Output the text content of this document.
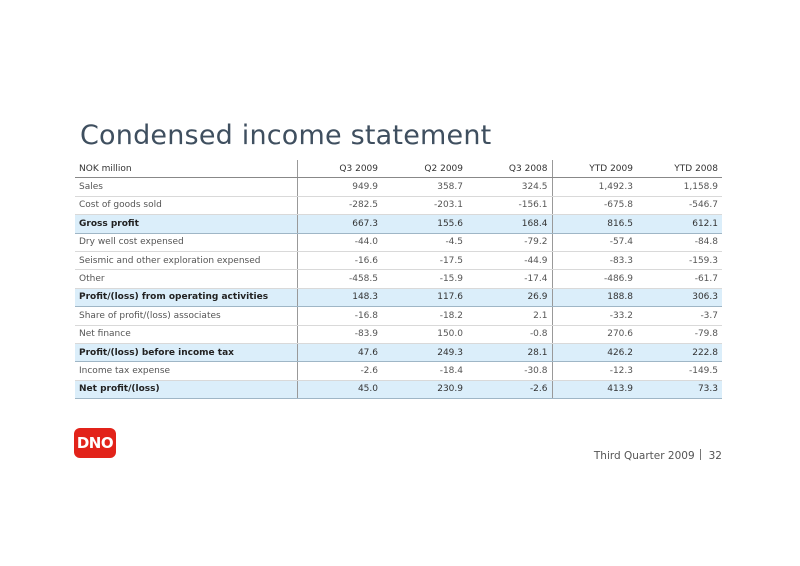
Condensed income statement
NOK million	Q3 2009	Q2 2009	Q3 2008	YTD 2009	YTD 2008
Sales	949.9	358.7	324.5	1,492.3	1,158.9
Cost of goods sold	-282.5	-203.1	-156.1	-675.8	-546.7
Gross profit	667.3	155.6	168.4	816.5	612.1
Dry well cost expensed	-44.0	-4.5	-79.2	-57.4	-84.8
Seismic and other exploration expensed	-16.6	-17.5	-44.9	-83.3	-159.3
Other	-458.5	-15.9	-17.4	-486.9	-61.7
Profit/(loss) from operating activities	148.3	117.6	26.9	188.8	306.3
Share of profit/(loss) associates	-16.8	-18.2	2.1	-33.2	-3.7
Net finance	-83.9	150.0	-0.8	270.6	-79.8
Profit/(loss) before income tax	47.6	249.3	28.1	426.2	222.8
Income tax expense	-2.6	-18.4	-30.8	-12.3	-149.5
Net profit/(loss)	45.0	230.9	-2.6	413.9	73.3
DNO
Third Quarter 2009 32
